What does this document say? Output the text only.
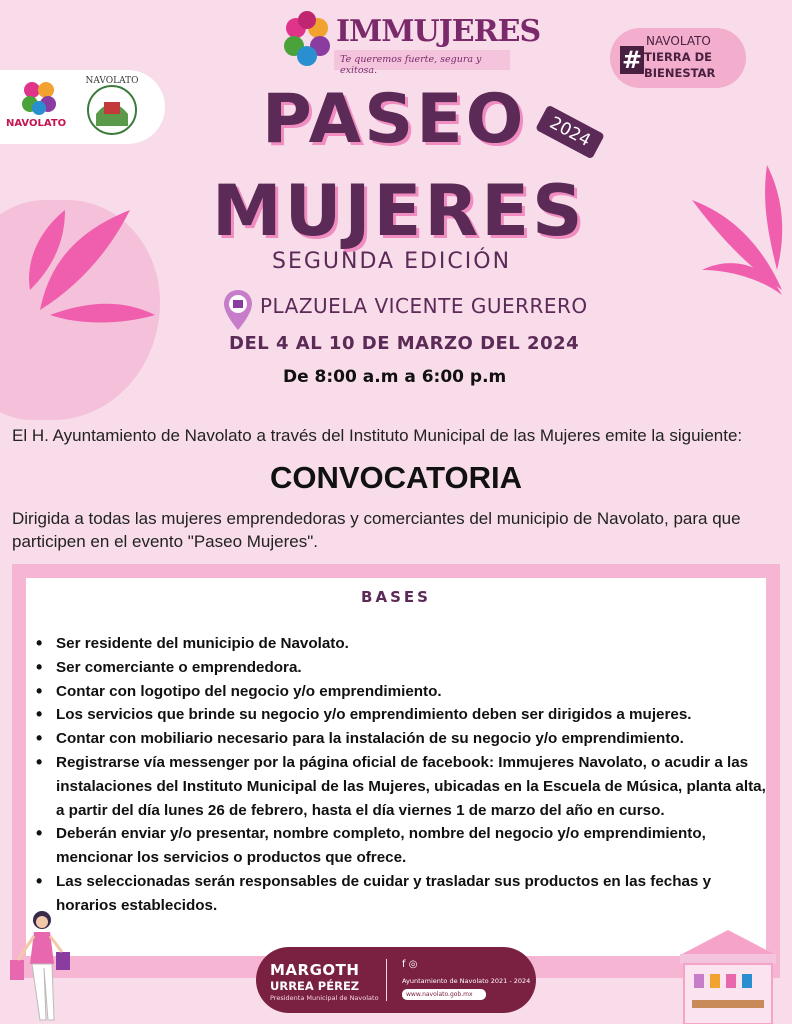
IMMUJERES
Te queremos fuerte, segura y exitosa.
NAVOLATO
# TIERRA DE
BIENESTAR
NAVOLATO
NAVOLATO PASEO	2024
MUJERES
SEGUNDA EDICIÓN
PLAZUELA VICENTE GUERRERO
DEL 4 AL 10 DE MARZO DEL 2024
De 8:00 a.m a 6:00 p.m

El H. Ayuntamiento de Navolato a través del Instituto Municipal de las Mujeres emite la siguiente:

CONVOCATORIA

Dirigida a todas las mujeres emprendedoras y comerciantes del municipio de Navolato, para que participen en el evento "Paseo Mujeres".

BASES
• Ser residente del municipio de Navolato.
• Ser comerciante o emprendedora.
• Contar con logotipo del negocio y/o emprendimiento.
• Los servicios que brinde su negocio y/o emprendimiento deben ser dirigidos a mujeres.
• Contar con mobiliario necesario para la instalación de su negocio y/o emprendimiento.
• Registrarse vía messenger por la página oficial de facebook: Immujeres Navolato, o acudir a las instalaciones del Instituto Municipal de las Mujeres, ubicadas en la Escuela de Música, planta alta, a partir del día lunes 26 de febrero, hasta el día viernes 1 de marzo del año en curso.
• Deberán enviar y/o presentar, nombre completo, nombre del negocio y/o emprendimiento, mencionar los servicios o productos que ofrece.
• Las seleccionadas serán responsables de cuidar y trasladar sus productos en las fechas y horarios establecidos.
MARGOTH
URREA PÉREZ
Presidenta Municipal de Navolato
f ◎
Ayuntamiento de Navolato 2021 - 2024
www.navolato.gob.mx
